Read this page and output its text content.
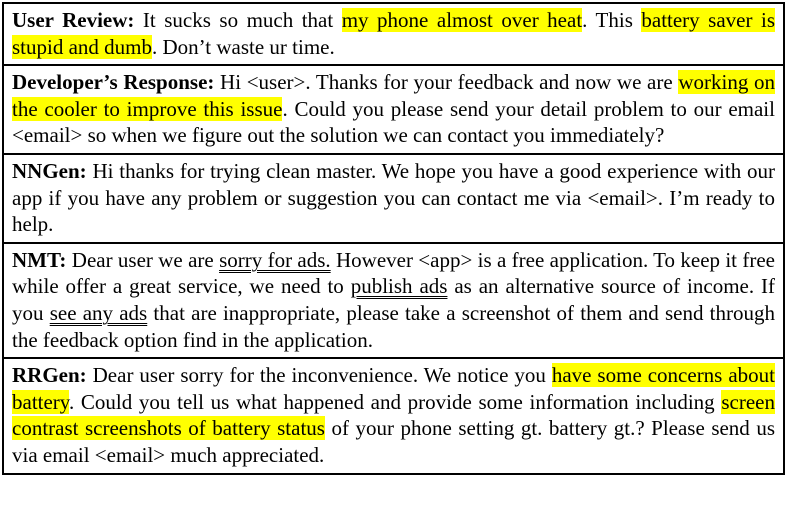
User Review: It sucks so much that my phone almost over heat. This battery saver is stupid and dumb. Don’t waste ur time.
Developer’s Response: Hi <user>. Thanks for your feedback and now we are working on the cooler to improve this issue. Could you please send your detail problem to our email <email> so when we figure out the solution we can contact you immediately?
NNGen: Hi thanks for trying clean master. We hope you have a good experience with our app if you have any problem or suggestion you can contact me via <email>. I’m ready to help.
NMT: Dear user we are sorry for ads. However <app> is a free application. To keep it free while offer a great service, we need to publish ads as an alternative source of income. If you see any ads that are inappropriate, please take a screenshot of them and send through the feedback option find in the application.
RRGen: Dear user sorry for the inconvenience. We notice you have some concerns about battery. Could you tell us what happened and provide some information including screen contrast screenshots of battery status of your phone setting gt. battery gt.? Please send us via email <email> much appreciated.
